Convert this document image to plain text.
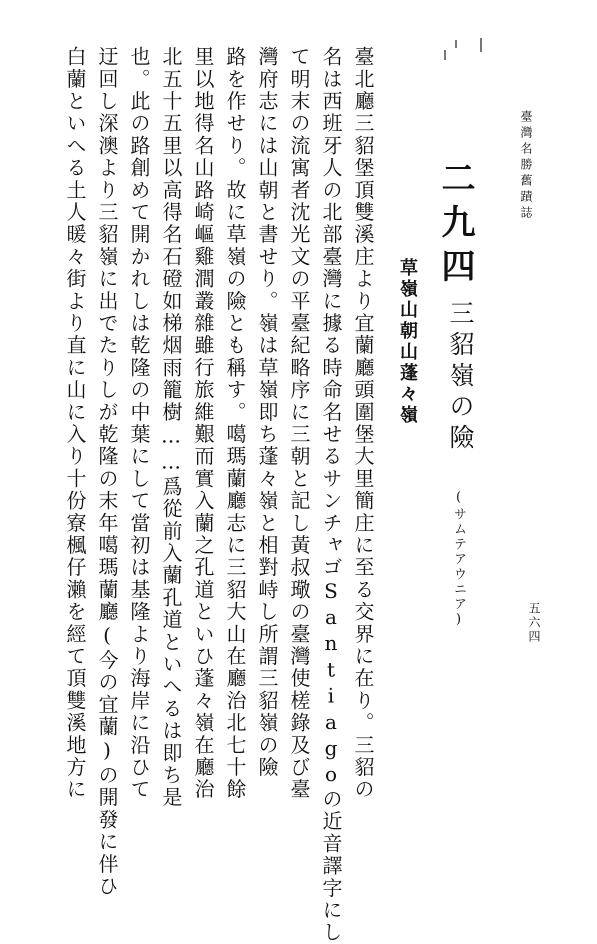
臺灣名勝舊蹟誌
五六四
二九四
三貂嶺の險
(サムテアウニア)
草嶺山朝山蓬々嶺
臺北廳三貂堡頂雙溪庄より宜蘭廳頭圍堡大里簡庄に至る交界に在り。三貂の
名は西班牙人の北部臺灣に據る時命名せるサンチャゴSantiagoの近音譯字にし
て明末の流寓者沈光文の平臺紀略序に三朝と記し黃叔璥の臺灣使槎錄及び臺
灣府志には山朝と書せり。嶺は草嶺即ち蓬々嶺と相對峙し所謂三貂嶺の險
路を作せり。故に草嶺の險とも稱す。噶瑪蘭廳志に三貂大山在廳治北七十餘
里以地得名山路崎嶇雞澗叢雜雖行旅維艱而實入蘭之孔道といひ蓬々嶺在廳治
北五十五里以高得名石磴如梯烟雨籠樹……爲從前入蘭孔道といへるは即ち是
也。此の路創めて開かれしは乾隆の中葉にして當初は基隆より海岸に沿ひて
迂回し深澳より三貂嶺に出でたりしが乾隆の末年噶瑪蘭廳(今の宜蘭)の開發に伴ひ
白蘭といへる土人暖々街より直に山に入り十份寮楓仔瀨を經て頂雙溪地方に
